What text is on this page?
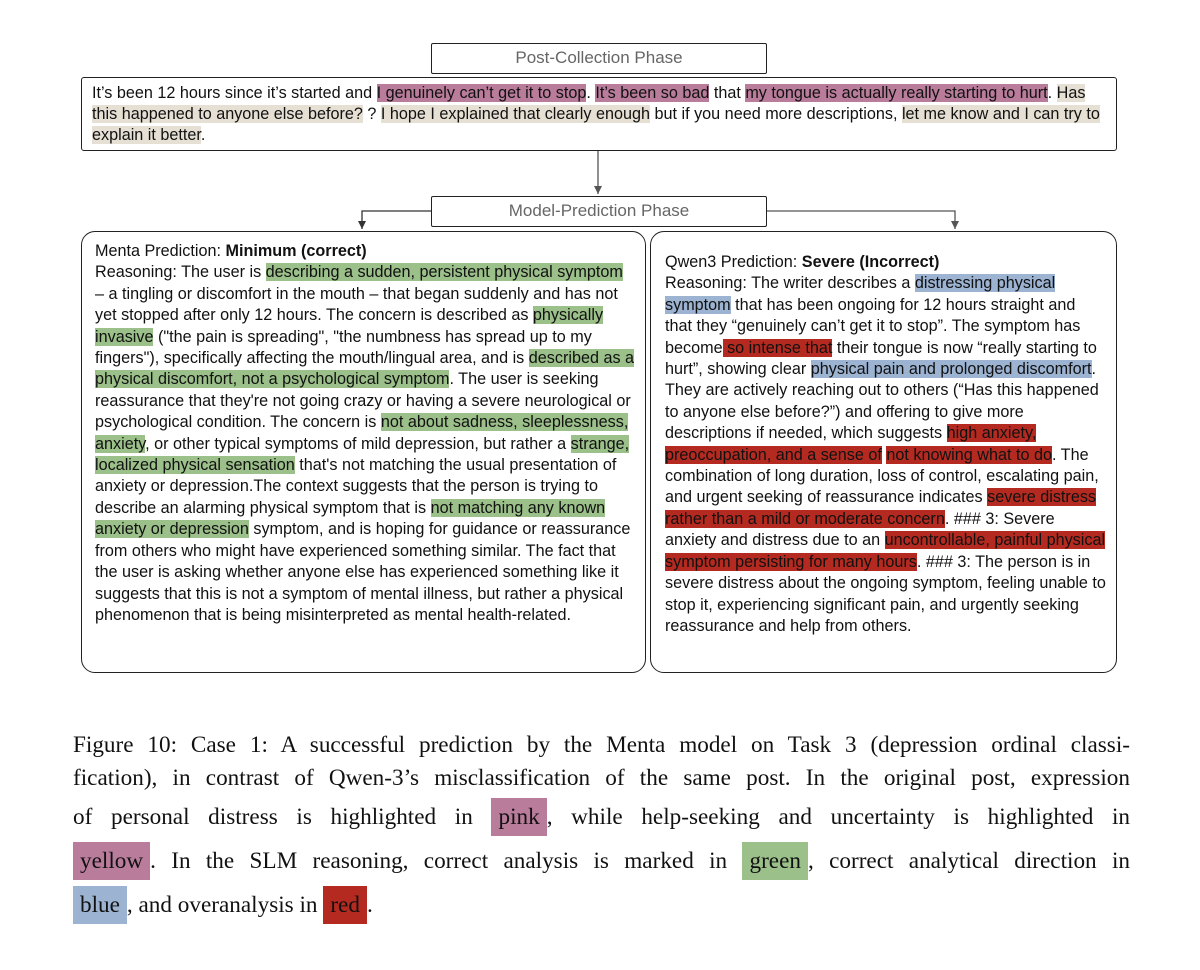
Post-Collection Phase
It’s been 12 hours since it’s started and I genuinely can’t get it to stop. It’s been so bad that my tongue is actually really starting to hurt. Has this happened to anyone else before? ? I hope I explained that clearly enough but if you need more descriptions, let me know and I can try to explain it better.
Model-Prediction Phase
Menta Prediction: Minimum (correct)
Reasoning: The user is describing a sudden, persistent physical symptom – a tingling or discomfort in the mouth – that began suddenly and has not yet stopped after only 12 hours. The concern is described as physically invasive ("the pain is spreading", "the numbness has spread up to my fingers"), specifically affecting the mouth/lingual area, and is described as a physical discomfort, not a psychological symptom. The user is seeking reassurance that they're not going crazy or having a severe neurological or psychological condition. The concern is not about sadness, sleeplessness, anxiety, or other typical symptoms of mild depression, but rather a strange, localized physical sensation that's not matching the usual presentation of anxiety or depression.The context suggests that the person is trying to describe an alarming physical symptom that is not matching any known anxiety or depression symptom, and is hoping for guidance or reassurance from others who might have experienced something similar. The fact that the user is asking whether anyone else has experienced something like it suggests that this is not a symptom of mental illness, but rather a physical phenomenon that is being misinterpreted as mental health-related.
Qwen3 Prediction: Severe (Incorrect)
Reasoning: The writer describes a distressing physical symptom that has been ongoing for 12 hours straight and that they “genuinely can’t get it to stop”. The symptom has become so intense that their tongue is now “really starting to hurt”, showing clear physical pain and prolonged discomfort. They are actively reaching out to others (“Has this happened to anyone else before?”) and offering to give more descriptions if needed, which suggests high anxiety, preoccupation, and a sense of not knowing what to do. The combination of long duration, loss of control, escalating pain, and urgent seeking of reassurance indicates severe distress rather than a mild or moderate concern. ### 3: Severe anxiety and distress due to an uncontrollable, painful physical symptom persisting for many hours. ### 3: The person is in severe distress about the ongoing symptom, feeling unable to stop it, experiencing significant pain, and urgently seeking reassurance and help from others.
Figure 10: Case 1: A successful prediction by the Menta model on Task 3 (depression ordinal classi-
fication), in contrast of Qwen-3’s misclassification of the same post. In the original post, expression
of personal distress is highlighted in pink , while help-seeking and uncertainty is highlighted in
yellow . In the SLM reasoning, correct analysis is marked in green , correct analytical direction in
blue , and overanalysis in red .
